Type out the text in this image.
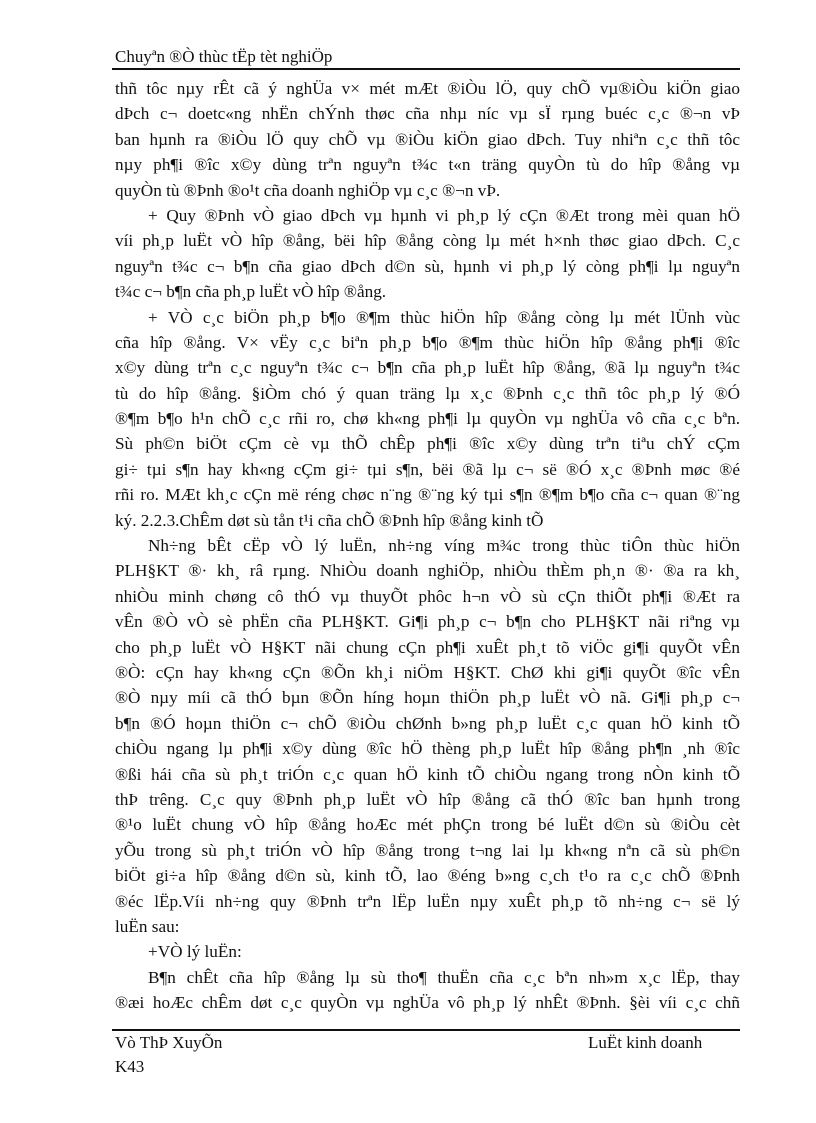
Chuyªn ®Ò thùc tËp tèt nghiÖp
thñ tôc nµy rÊt cã ý nghÜa v× mét mÆt ®iÒu lÖ, quy chÕ vµ®iÒu kiÖn giao
dÞch c¬ doetc«ng nhËn chÝnh thøc cña nhµ níc vµ sÏ rµng buéc c¸c ®¬n vÞ
ban hµnh ra ®iÒu lÖ quy chÕ vµ ®iÒu kiÖn giao dÞch. Tuy nhiªn c¸c thñ tôc
nµy ph¶i ®îc x©y dùng trªn nguyªn t¾c t«n träng quyÒn tù do hîp ®ång vµ
quyÒn tù ®Þnh ®o¹t cña doanh nghiÖp vµ c¸c ®¬n vÞ.
+ Quy ®Þnh vÒ giao dÞch vµ hµnh vi ph¸p lý cÇn ®Æt trong mèi quan hÖ
víi ph¸p luËt vÒ hîp ®ång, bëi hîp ®ång còng lµ mét h×nh thøc giao dÞch. C¸c
nguyªn t¾c c¬ b¶n cña giao dÞch d©n sù, hµnh vi ph¸p lý còng ph¶i lµ nguyªn
t¾c c¬ b¶n cña ph¸p luËt vÒ hîp ®ång.
+ VÒ c¸c biÖn ph¸p b¶o ®¶m thùc hiÖn hîp ®ång còng lµ mét lÜnh vùc
cña hîp ®ång. V× vËy c¸c biªn ph¸p b¶o ®¶m thùc hiÖn hîp ®ång ph¶i ®îc
x©y dùng trªn c¸c nguyªn t¾c c¬ b¶n cña ph¸p luËt hîp ®ång, ®ã lµ nguyªn t¾c
tù do hîp ®ång. §iÒm chó ý quan träng lµ x¸c ®Þnh c¸c thñ tôc ph¸p lý ®Ó
®¶m b¶o h¹n chÕ c¸c rñi ro, chø kh«ng ph¶i lµ quyÒn vµ nghÜa vô cña c¸c bªn.
Sù ph©n biÖt cÇm cè vµ thÕ chÊp ph¶i ®îc x©y dùng trªn tiªu chÝ cÇm
gi÷ tµi s¶n hay kh«ng cÇm gi÷ tµi s¶n, bëi ®ã lµ c¬ së ®Ó x¸c ®Þnh møc ®é
rñi ro. MÆt kh¸c cÇn më réng chøc n¨ng ®¨ng ký tµi s¶n ®¶m b¶o cña c¬ quan ®¨ng
ký. 2.2.3.ChÊm døt sù tån t¹i cña chÕ ®Þnh hîp ®ång kinh tÕ
Nh÷ng bÊt cËp vÒ lý luËn, nh÷ng víng m¾c trong thùc tiÔn thùc hiÖn
PLH§KT ®· kh¸ râ rµng. NhiÒu doanh nghiÖp, nhiÒu thÈm ph¸n ®· ®a ra kh¸
nhiÒu minh chøng cô thÓ vµ thuyÕt phôc h¬n vÒ sù cÇn thiÕt ph¶i ®Æt ra
vÊn ®Ò vÒ sè phËn cña PLH§KT. Gi¶i ph¸p c¬ b¶n cho PLH§KT nãi riªng vµ
cho ph¸p luËt vÒ H§KT nãi chung cÇn ph¶i xuÊt ph¸t tõ viÖc gi¶i quyÕt vÊn
®Ò: cÇn hay kh«ng cÇn ®Õn kh¸i niÖm H§KT. ChØ khi gi¶i quyÕt ®îc vÊn
®Ò nµy míi cã thÓ bµn ®Õn híng hoµn thiÖn ph¸p luËt vÒ nã. Gi¶i ph¸p c¬
b¶n ®Ó hoµn thiÖn c¬ chÕ ®iÒu chØnh b»ng ph¸p luËt c¸c quan hÖ kinh tÕ
chiÒu ngang lµ ph¶i x©y dùng ®îc hÖ thèng ph¸p luËt hîp ®ång ph¶n ¸nh ®îc
®ßi hái cña sù ph¸t triÓn c¸c quan hÖ kinh tÕ chiÒu ngang trong nÒn kinh tÕ
thÞ trêng. C¸c quy ®Þnh ph¸p luËt vÒ hîp ®ång cã thÓ ®îc ban hµnh trong
®¹o luËt chung vÒ hîp ®ång hoÆc mét phÇn trong bé luËt d©n sù ®iÒu cèt
yÕu trong sù ph¸t triÓn vÒ hîp ®ång trong t¬ng lai lµ kh«ng nªn cã sù ph©n
biÖt gi÷a hîp ®ång d©n sù, kinh tÕ, lao ®éng b»ng c¸ch t¹o ra c¸c chÕ ®Þnh
®éc lËp.Víi nh÷ng quy ®Þnh trªn lËp luËn nµy xuÊt ph¸p tõ nh÷ng c¬ së lý
luËn sau:
+VÒ lý luËn:
B¶n chÊt cña hîp ®ång lµ sù tho¶ thuËn cña c¸c bªn nh»m x¸c lËp, thay
®æi hoÆc chÊm døt c¸c quyÒn vµ nghÜa vô ph¸p lý nhÊt ®Þnh. §èi víi c¸c chñ
Vò ThÞ XuyÕn	LuËt kinh doanh
K43
